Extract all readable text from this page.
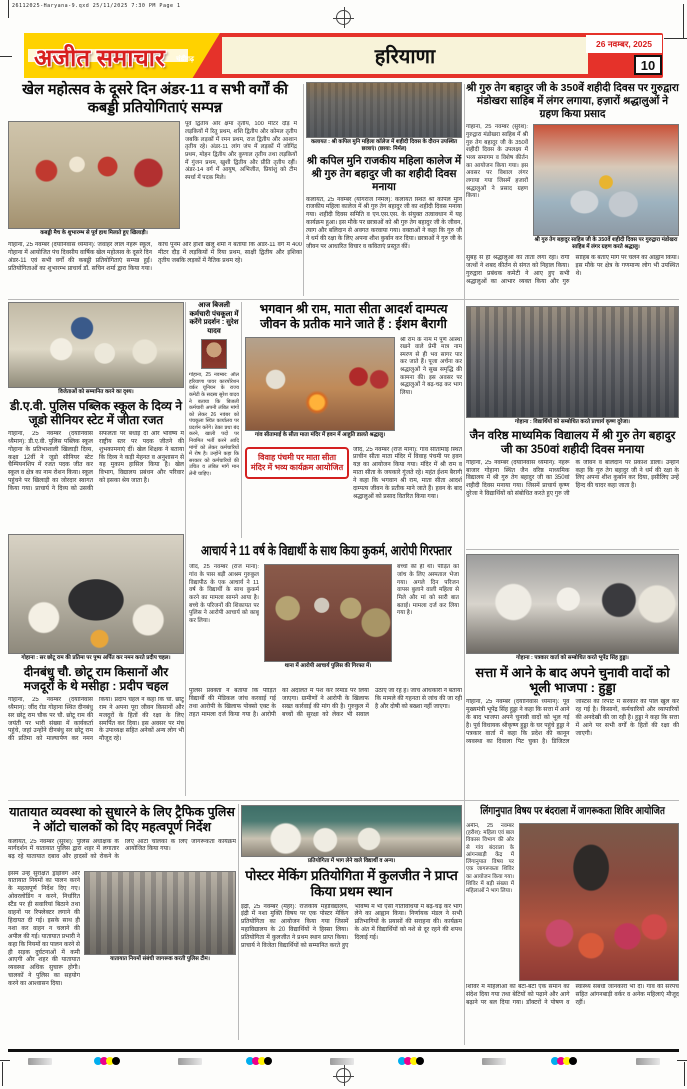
26112025-Haryana-9.qxd 25/11/2025 7:30 PM Page 1
अजीत समाचार चंडीगढ़	हरियाणा
26 नवम्बर, 2025
10
खेल महोत्सव के दूसरे दिन अंडर-11 व सभी वर्गों की कबड्डी प्रतियोगिताएं सम्पन्न
कबड्डी मैच के शुभारम्भ से पूर्व हाथ मिलाते हुए खिलाड़ी।
पूर्व द्वितीय और क्षमा तृतीय, 100 मीटर दौड़ में लड़कियों में रितु प्रथम, शशि द्वितीय और कोमल तृतीय जबकि लड़कों में रमन प्रथम, राज द्वितीय और आशान तृतीय रहे। अंडर-11 लांग जंप में लड़कों में जोगिंद्र प्रथम, मोहन द्वितीय और कुणाल तृतीय तथा लड़कियों में गुंजन प्रथम, खुशी द्वितीय और प्रीति तृतीय रहीं। अंडर-14 वर्ग में आयुष, अभिजीत, प्रियांशु को टीम स्पर्धा में पदक मिले।
गोहाना, 25 नवम्बर (दयानिवास ध्यैमान): जवाहर लाल नेहरू स्कूल, गोहाना में आयोजित पंच दिवसीय वार्षिक खेल महोत्सव के दूसरे दिन अंडर-11 एवं सभी वर्गों की कबड्डी प्रतियोगिताएं सम्पन्न हुईं। प्रतियोगिताओं का शुभारम्भ प्राचार्य डॉ. सचिन शर्मा द्वारा किया गया। कोच पूनम और होशी खेलू शर्मा ने बताया कि अंडर-11 वर्ग में 400 मीटर दौड़ में लड़कियों में रिया प्रथम, साक्षी द्वितीय और इशिका तृतीय जबकि लड़कों में नैतिक प्रथम रहे।
कलायत : श्री कपिल मुनि महिला कॉलेज में शहीदी दिवस के दौरान उपस्थित छात्राएं। (छाया: निर्मल)
श्री कपिल मुनि राजकीय महिला कालेज में श्री गुरु तेग बहादुर जी का शहीदी दिवस मनाया
कलायत, 25 नवम्बर (योगराज निर्मल): कलायत स्थित श्री कपिल मुनि राजकीय महिला कालेज में श्री गुरु तेग बहादुर जी का शहीदी दिवस मनाया गया। शहीदी दिवस समिति व एन.एस.एस. के संयुक्त तत्वावधान में यह कार्यक्रम हुआ। इस मौके पर छात्राओं को श्री गुरु तेग बहादुर जी के जीवन, त्याग और बलिदान से अवगत करवाया गया। वक्ताओं ने कहा कि गुरु जी ने धर्म की रक्षा के लिए अपना शीश कुर्बान कर दिया। छात्राओं ने गुरु जी के जीवन पर आधारित विचार व कविताएं प्रस्तुत कीं।
श्री गुरु तेग बहादुर जी के 350वें शहीदी दिवस पर गुरुद्वारा मंडोखरा साहिब में लंगर लगाया, हज़ारों श्रद्धालुओं ने ग्रहण किया प्रसाद
गोहाना, 25 नवम्बर (सुरेश): गुरुद्वारा मंडोखरा साहिब में श्री गुरु तेग बहादुर जी के 350वें शहीदी दिवस के उपलक्ष्य में भव्य समागम व विशेष कीर्तन का आयोजन किया गया। इस अवसर पर विशाल लंगर लगाया गया जिसमें हजारों श्रद्धालुओं ने प्रसाद ग्रहण किया।
श्री गुरु तेग बहादुर साहिब जी के 350वें शहीदी दिवस पर गुरुद्वारा मंडोखरा साहिब में लंगर ग्रहण करते श्रद्धालु।
सुबह से ही श्रद्धालुओं का तांता लगा रहा। रागी जत्थों ने शबद कीर्तन से संगत को निहाल किया। गुरुद्वारा प्रबंधक कमेटी ने आए हुए सभी श्रद्धालुओं का आभार व्यक्त किया और गुरु साहिब के बताए मार्ग पर चलने का आह्वान किया। इस मौके पर क्षेत्र के गणमान्य लोग भी उपस्थित थे।
विजेताओं को सम्मानित करने का दृश्य।
डी.ए.वी. पुलिस पब्लिक स्कूल के दिव्य ने जूडो सीनियर स्टेट में जीता रजत
गोहाना, 25 नवम्बर (दयानिवास ध्यैमान): डी.ए.वी. पुलिस पब्लिक स्कूल गोहाना के प्रतिभाशाली खिलाड़ी दिव्य, कक्षा 12वीं ने जूडो सीनियर स्टेट चैम्पियनशिप में रजत पदक जीत कर स्कूल व क्षेत्र का नाम रोशन किया। स्कूल पहुंचने पर खिलाड़ी का जोरदार स्वागत किया गया। प्राचार्य ने दिव्य को उसकी सफलता पर बधाई दी और भविष्य में राष्ट्रीय स्तर पर पदक जीतने की शुभकामनाएं दीं। खेल शिक्षक ने बताया कि दिव्य ने कड़ी मेहनत व अनुशासन से यह मुकाम हासिल किया है। खेल विभाग, विद्यालय प्रबंधन और परिवार को इसका श्रेय जाता है।
गोहाना : सर छोटू राम की प्रतिमा पर पुष्प अर्पित कर नमन करते प्रदीप चहल।
दीनबंधु चौ. छोटू राम किसानों और मजदूरों के थे मसीहा : प्रदीप चहल
गोहाना, 25 नवम्बर (दयानिवास ध्यैमान): जींद रोड गोहाना स्थित दीनबंधु सर छोटू राम चौक पर चौ. छोटू राम की जयंती पर भारी संख्या में कार्यकर्ता पहुंचे, जहां उन्होंने दीनबंधु सर छोटू राम की प्रतिमा को माल्यार्पण कर नमन किया। प्रदीप चहल ने कहा कि चौ. छोटू राम ने अपना पूरा जीवन किसानों और मजदूरों के हितों की रक्षा के लिए समर्पित कर दिया। इस अवसर पर मंच के उपाध्यक्ष सहित अनेकों अन्य लोग भी मौजूद रहे।
आज बिजली कर्मचारी पंचकूला में करेंगे प्रदर्शन : सुरेश यादव
गोहाना, 25 नवम्बर: ऑल हरियाणा पावर कारपोरेशन वर्कर यूनियन के राज्य कमेटी के सदस्य सुरेश यादव ने बताया कि बिजली कर्मचारी अपनी लंबित मांगों को लेकर 26 नवंबर को पंचकूला स्थित कार्यालय पर प्रदर्शन करेंगे। ठेका प्रथा बंद करने, खाली पदों पर नियमित भर्ती करने आदि मांगों को लेकर कर्मचारियों में रोष है। उन्होंने कहा कि सरकार को कर्मचारियों की उचित व लंबित मांगें मान लेनी चाहिए।
भगवान श्री राम, माता सीता आदर्श दाम्पत्य जीवन के प्रतीक माने जाते हैं : ईशम बैरागी
गांव सीतामाई के सीता माता मंदिर में हवन में आहुति डालते श्रद्धालु।
श्री राम के नाम में पूर्ण आस्था रखने वाले प्रेमी मात्र नाम स्मरण से ही भव सागर पार कर जाते हैं। पूजा अर्चना कर श्रद्धालुओं ने सुख समृद्धि की कामना की। इस अवसर पर श्रद्धालुओं ने बढ़-चढ़ कर भाग लिया।
विवाह पंचमी पर माता सीता मंदिर में भव्य कार्यक्रम आयोजित
जींद, 25 नवम्बर (राज माना): गांव सीतामाई स्थित प्राचीन सीता माता मंदिर में विवाह पंचमी पर हवन यज्ञ का आयोजन किया गया। मंदिर में श्री राम व माता सीता के जयकारे गूंजते रहे। महंत ईशम बैरागी ने कहा कि भगवान श्री राम, माता सीता आदर्श दाम्पत्य जीवन के प्रतीक माने जाते हैं। हवन के बाद श्रद्धालुओं को प्रसाद वितरित किया गया।
गोहाना : विद्यार्थियों को सम्बोधित करते प्राचार्य कृष्ण दुरेजा।
जैन वरिष्ठ माध्यमिक विद्यालय में श्री गुरु तेग बहादुर जी का 350वां शहीदी दिवस मनाया
गोहाना, 25 नवम्बर (दयानिवास ध्यैमान): नेहरू बाजार गोहाना स्थित जैन वरिष्ठ माध्यमिक विद्यालय में श्री गुरु तेग बहादुर जी का 350वां शहीदी दिवस मनाया गया। जिसमें प्राचार्य कृष्ण दुरेजा ने विद्यार्थियों को संबोधित करते हुए गुरु जी के जीवन व बलिदान पर प्रकाश डाला। उन्होंने कहा कि गुरु तेग बहादुर जी ने धर्म की रक्षा के लिए अपना शीश कुर्बान कर दिया, इसीलिए उन्हें हिन्द की चादर कहा जाता है।
आचार्य ने 11 वर्ष के विद्यार्थी के साथ किया कुकर्म, आरोपी गिरफ्तार
जींद, 25 नवम्बर (राज माना): गांव के पास बड़ी आश्रम गुरुकुल विद्यापीठ के एक आचार्य ने 11 वर्ष के विद्यार्थी के साथ कुकर्म करने का मामला सामने आया है। बच्चे के परिजनों की शिकायत पर पुलिस ने आरोपी आचार्य को काबू कर लिया।
थाना में आरोपी आचार्य पुलिस की गिरफ्त में।
बच्चों की ही थी। पीड़ित को जांच के लिए अस्पताल भेजा गया। अगले दिन परिजन वापस बुलाने वाली महिला से मिले और मां को सारी बात बताई। मामला दर्ज कर लिया गया है।
पुलिस प्रवक्ता ने बताया कि पीड़ित विद्यार्थी की मेडिकल जांच करवाई गई तथा आरोपी के खिलाफ पोक्सो एक्ट के तहत मामला दर्ज किया गया है। आरोपी को अदालत में पेश कर रिमांड पर लिया जाएगा। ग्रामीणों ने आरोपी के खिलाफ सख्त कार्रवाई की मांग की है। गुरुकुल में बच्चों की सुरक्षा को लेकर भी सवाल उठाए जा रहे हैं। जांच अधिकारी ने बताया कि मामले की गहनता से जांच की जा रही है और दोषी को बख्शा नहीं जाएगा।
गोहाना : पत्रकार वार्ता को सम्बोधित करते भूपेंद्र सिंह हुड्डा।
सत्ता में आने के बाद अपने चुनावी वादों को भूली भाजपा : हुड्डा
गोहाना, 25 नवम्बर (दयानिवास ध्यैमान): पूर्व मुख्यमंत्री भूपेंद्र सिंह हुड्डा ने कहा कि सत्ता में आने के बाद भाजपा अपने चुनावी वादों को भूल गई है। पूर्व विधायक श्रीकृष्ण हुड्डा के घर पहुंचे हुड्डा ने पत्रकार वार्ता में कहा कि प्रदेश की कानून व्यवस्था का दिवाला पिट चुका है। डिजिटल जस्टिस की रिपोर्ट में सरकार की पोल खुल कर रह गई है। किसानों, कर्मचारियों और व्यापारियों की अनदेखी की जा रही है। हुड्डा ने कहा कि सत्ता में आने पर सभी वर्गों के हितों की रक्षा की जाएगी।
यातायात व्यवस्था को सुधारने के लिए ट्रैफिक पुलिस ने ऑटो चालकों को दिए महत्वपूर्ण निर्देश
कलायत, 25 नवम्बर (सुरेश): पुलिस अधीक्षक के मार्गदर्शन में यातायात पुलिस द्वारा शहर में लगातार बढ़ रहे यातायात दबाव और हादसों को रोकने के लिए ऑटो चालकों के लिए जागरूकता कार्यक्रम आयोजित किया गया।
यातायात नियमों संबंधी जागरूक करती पुलिस टीम।
इसमें उन्हें सुरक्षित ड्राइविंग और यातायात नियमों का पालन करने के महत्वपूर्ण निर्देश दिए गए। ओवरलोडिंग न करने, निर्धारित स्टैंड पर ही सवारियां बिठाने तथा वाहनों पर रिफ्लेक्टर लगाने की हिदायत दी गई। इसके साथ ही नशा कर वाहन न चलाने की अपील की गई। यातायात प्रभारी ने कहा कि नियमों का पालन करने से ही सड़क दुर्घटनाओं में कमी आएगी और शहर की यातायात व्यवस्था अधिक सुचारू होगी। चालकों ने पुलिस का सहयोग करने का आश्वासन दिया।
प्रतियोगिता में भाग लेने वाले विद्यार्थी व अन्य।
पोस्टर मेकिंग प्रतियोगिता में कुलजीत ने प्राप्त किया प्रथम स्थान
इंद्री, 25 नवम्बर (मेहर): राजकीय महाविद्यालय, इंद्री में नशा मुक्ति विषय पर एक पोस्टर मेकिंग प्रतियोगिता का आयोजन किया गया जिसमें महाविद्यालय के 20 विद्यार्थियों ने हिस्सा लिया। प्रतियोगिता में कुलजीत ने प्रथम स्थान प्राप्त किया। प्राचार्य ने विजेता विद्यार्थियों को सम्मानित करते हुए भविष्य में भी ऐसी गतिविधियों में बढ़-चढ़ कर भाग लेने का आह्वान किया। निर्णायक मंडल ने सभी प्रतिभागियों के प्रयासों की सराहना की। कार्यक्रम के अंत में विद्यार्थियों को नशे से दूर रहने की शपथ दिलाई गई।
लिंगानुपात विषय पर बंदराला में जागरूकता शिविर आयोजित
अमीन, 25 नवम्बर (हरीश): महिला एवं बाल विकास विभाग की ओर से गांव बंदराला के आंगनबाड़ी केंद्र में लिंगानुपात विषय पर एक जागरूकता शिविर का आयोजन किया गया। शिविर में बड़ी संख्या में महिलाओं ने भाग लिया।
शिविर में महिलाओं को बेटा-बेटी एक समान का संदेश दिया गया तथा बेटियों को पढ़ाने और आगे बढ़ाने पर बल दिया गया। डॉक्टरों ने पोषण व स्वास्थ्य संबंधी जानकारी भी दी। गांव की सरपंच सहित आंगनबाड़ी वर्कर व अनेक महिलाएं मौजूद रहीं।
